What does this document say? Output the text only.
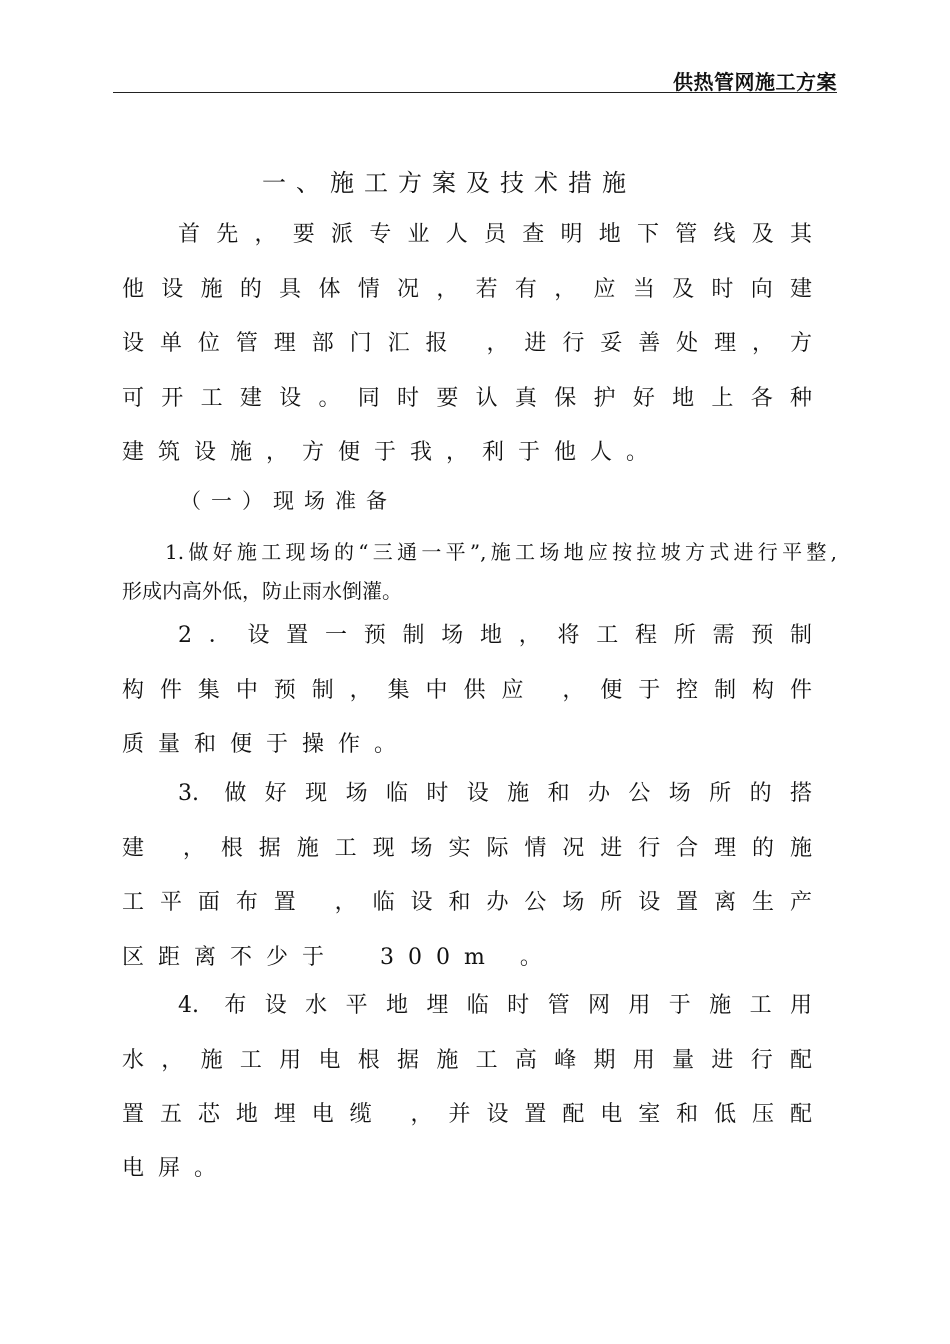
供热管网施工方案
一、施工方案及技术措施
首先，要派专业人员查明地下管线及其
他设施的具体情况，若有，应当及时向建
设单位管理部门汇报 ，进行妥善处理，方
可开工建设。同时要认真保护好地上各种
建筑设施，方便于我，利于他人。
（一）现场准备
1.做好施工现场的“三通一平”,施工场地应按拉坡方式进行平整,
形成内高外低，防止雨水倒灌。
2．设置一预制场地，将工程所需预制
构件集中预制，集中供应 ，便于控制构件
质量和便于操作。
3. 做好现场临时设施和办公场所的搭
建 ，根据施工现场实际情况进行合理的施
工平面布置 ，临设和办公场所设置离生产
区距离不少于  300m 。
4. 布设水平地埋临时管网用于施工用
水，施工用电根据施工高峰期用量进行配
置五芯地埋电缆 ，并设置配电室和低压配
电屏。
